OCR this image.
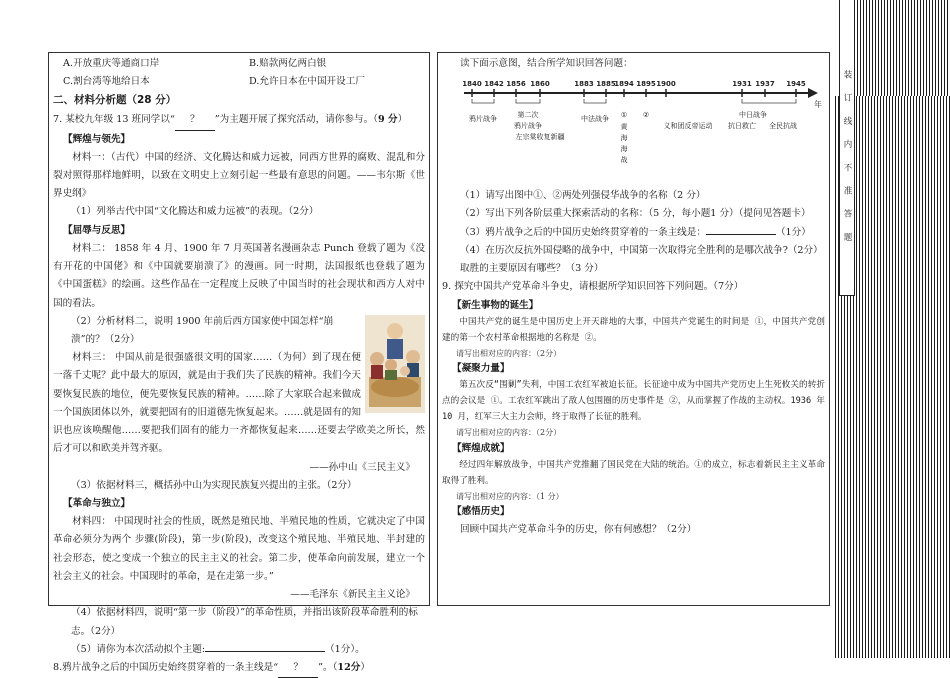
A.开放重庆等通商口岸	B.赔款两亿两白银
C.割台湾等地给日本	D.允许日本在中国开设工厂
二、材料分析题（28 分）
7. 某校九年级 13 班同学以“ ？ ”为主题开展了探究活动，请你参与。（9 分）
【辉煌与领先】
材料一：（古代）中国的经济、文化腾达和威力远被，同西方世界的腐败、混乱和分裂对照得那样地鲜明，以致在文明史上立刻引起一些最有意思的问题。——韦尔斯《世界史纲》
（1）列举古代中国“文化腾达和威力远被”的表现。（2分）
【屈辱与反思】
材料二： 1858 年 4 月、1900 年 7 月英国著名漫画杂志 Punch 登载了题为《没有开花的中国佬》和《中国就要崩溃了》的漫画。同一时期，法国报纸也登载了题为《中国蛋糕》的绘画。这些作品在一定程度上反映了中国当时的社会现状和西方人对中国的看法。
（2）分析材料二，说明 1900 年前后西方国家使中国怎样“崩溃”的？（2分）
材料三： 中国从前是很强盛很文明的国家……（为何）到了现在便一落千丈呢？此中最大的原因，就是由于我们失了民族的精神。我们今天要恢复民族的地位，便先要恢复民族的精神。……除了大家联合起来做成一个国族团体以外，就要把固有的旧道德先恢复起来。……就是固有的知识也应该唤醒他……要把我们固有的能力一齐都恢复起来……还要去学欧美之所长，然后才可以和欧美并驾齐驱。
——孙中山《三民主义》
（3）依据材料三，概括孙中山为实现民族复兴提出的主张。（2分）
【革命与独立】
材料四： 中国现时社会的性质，既然是殖民地、半殖民地的性质，它就决定了中国革命必须分为两个 步骤(阶段)，第一步(阶段)，改变这个殖民地、半殖民地、半封建的社会形态，使之变成一个独立的民主主义的社会。第二步，使革命向前发展，建立一个社会主义的社会。中国现时的革命，是在走第一步。”
——毛泽东《新民主主义论》
（4）依据材料四，说明“第一步（阶段）”的革命性质，并指出该阶段革命胜利的标志。（2分）
（5）请你为本次活动拟个主题:	（1分）。
8.鸦片战争之后的中国历史始终贯穿着的一条主线是“ ？ ”。（12分）
读下面示意图，结合所学知识回答问题：
年
1840 1842 1856 1860	1883 1885
1894 1895 1900	1931 1937 1945
鸦片战争	第二次
鸦片战争
左宗棠收复新疆
中法战争 ① ②
义和团反帝运动 抗日救亡
中日战争
全民抗战
黄
海
海
战
（1）请写出图中①、②两处列强侵华战争的名称（2 分）
（2）写出下列各阶层重大探索活动的名称：（5 分，每小题1 分）（提问见答题卡）
（3）鸦片战争之后的中国历史始终贯穿着的一条主线是：	（1分）
（4）在历次反抗外国侵略的战争中，中国第一次取得完全胜利的是哪次战争?（2分）取胜的主要原因有哪些？（3 分）
9. 探究中国共产党革命斗争史，请根据所学知识回答下列问题。（7分）
【新生事物的诞生】
中国共产党的诞生是中国历史上开天辟地的大事，中国共产党诞生的时间是 ①，中国共产党创建的第一个农村革命根据地的名称是 ②。
请写出相对应的内容：（2分）
【凝聚力量】
第五次反“围剿”失利，中国工农红军被迫长征。长征途中成为中国共产党历史上生死攸关的转折点的会议是 ①。工农红军跳出了敌人包围圈的历史事件是 ②，从而掌握了作战的主动权。1936 年 10 月，红军三大主力会师，终于取得了长征的胜利。
请写出相对应的内容：（2分）
【辉煌成就】
经过四年解放战争，中国共产党推翻了国民党在大陆的统治。①的成立，标志着新民主主义革命取得了胜利。
请写出相对应的内容：（1 分）
【感悟历史】
回顾中国共产党革命斗争的历史，你有何感想？（2分）
装 订 线 内 不 准 答 题
